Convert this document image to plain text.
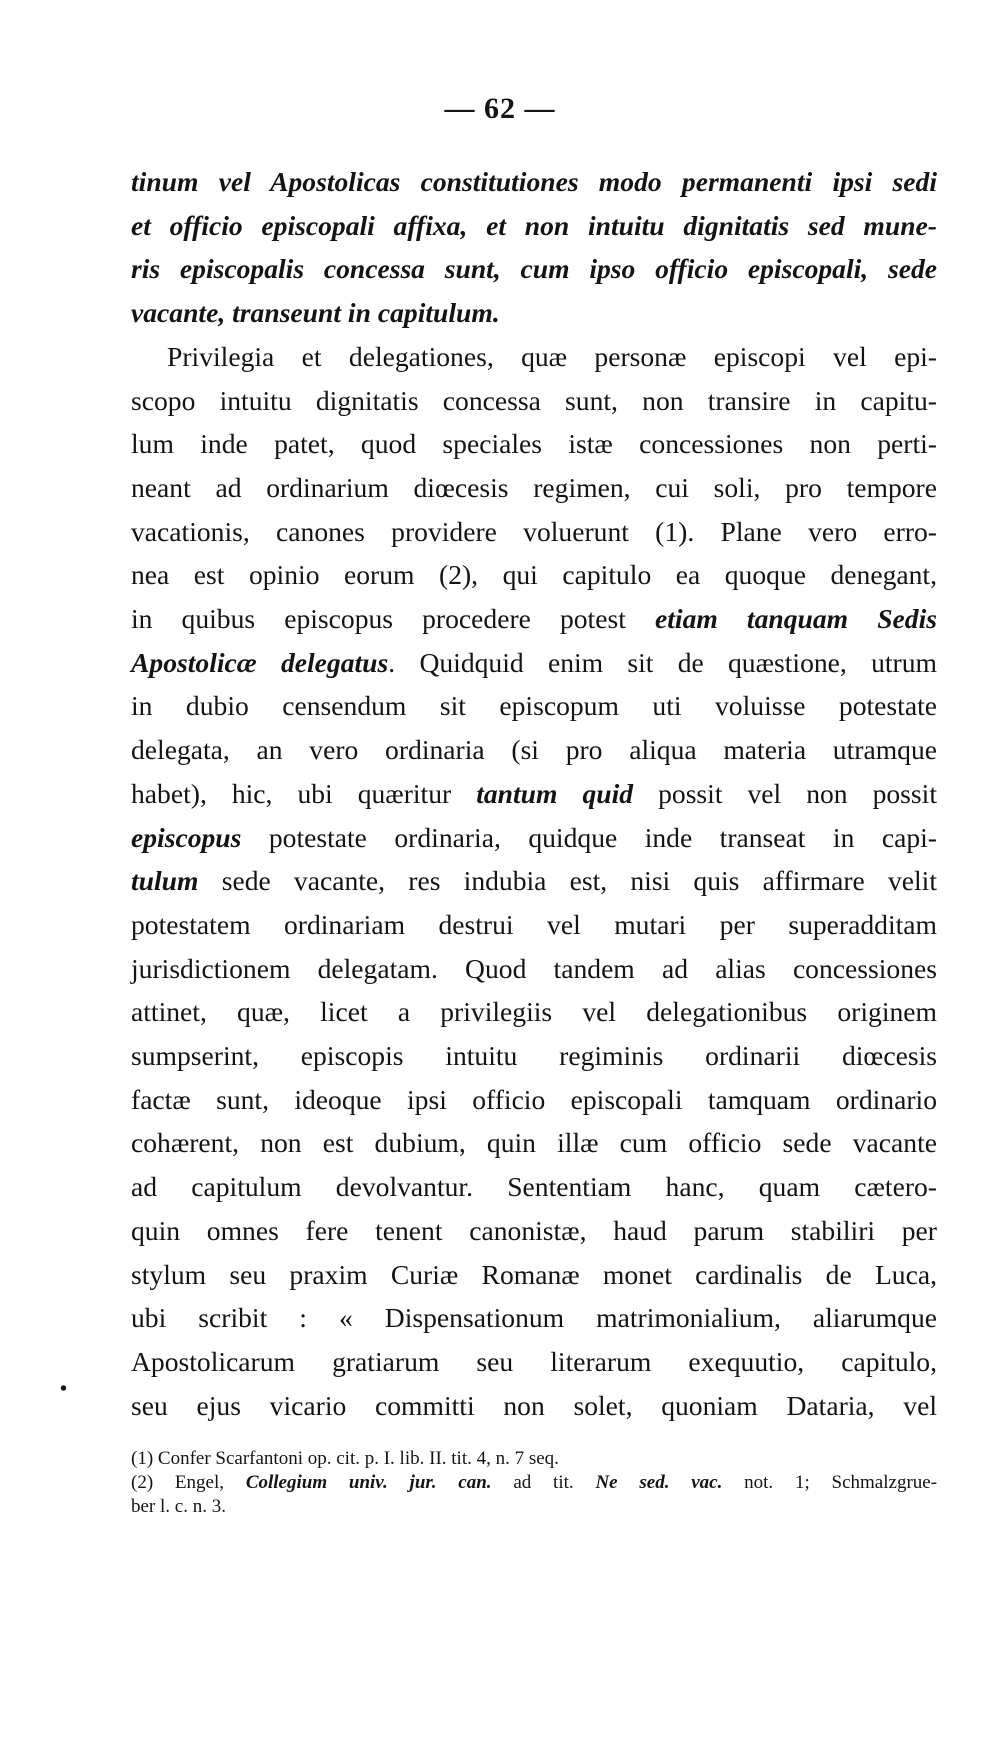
— 62 —
tinum vel Apostolicas constitutiones modo permanenti ipsi sedi
et officio episcopali affixa, et non intuitu dignitatis sed mune-
ris episcopalis concessa sunt, cum ipso officio episcopali, sede
vacante, transeunt in capitulum.
Privilegia et delegationes, quæ personæ episcopi vel epi-
scopo intuitu dignitatis concessa sunt, non transire in capitu-
lum inde patet, quod speciales istæ concessiones non perti-
neant ad ordinarium diœcesis regimen, cui soli, pro tempore
vacationis, canones providere voluerunt (1). Plane vero erro-
nea est opinio eorum (2), qui capitulo ea quoque denegant,
in quibus episcopus procedere potest etiam tanquam Sedis
Apostolicæ delegatus. Quidquid enim sit de quæstione, utrum
in dubio censendum sit episcopum uti voluisse potestate
delegata, an vero ordinaria (si pro aliqua materia utramque
habet), hic, ubi quæritur tantum quid possit vel non possit
episcopus potestate ordinaria, quidque inde transeat in capi-
tulum sede vacante, res indubia est, nisi quis affirmare velit
potestatem ordinariam destrui vel mutari per superadditam
jurisdictionem delegatam. Quod tandem ad alias concessiones
attinet, quæ, licet a privilegiis vel delegationibus originem
sumpserint, episcopis intuitu regiminis ordinarii diœcesis
factæ sunt, ideoque ipsi officio episcopali tamquam ordinario
cohærent, non est dubium, quin illæ cum officio sede vacante
ad capitulum devolvantur. Sententiam hanc, quam cætero-
quin omnes fere tenent canonistæ, haud parum stabiliri per
stylum seu praxim Curiæ Romanæ monet cardinalis de Luca,
ubi scribit : « Dispensationum matrimonialium, aliarumque
Apostolicarum gratiarum seu literarum exequutio, capitulo,
seu ejus vicario committi non solet, quoniam Dataria, vel
•
(1) Confer Scarfantoni op. cit. p. I. lib. II. tit. 4, n. 7 seq.
(2) Engel, Collegium univ. jur. can. ad tit. Ne sed. vac. not. 1; Schmalzgrue-
ber l. c. n. 3.
